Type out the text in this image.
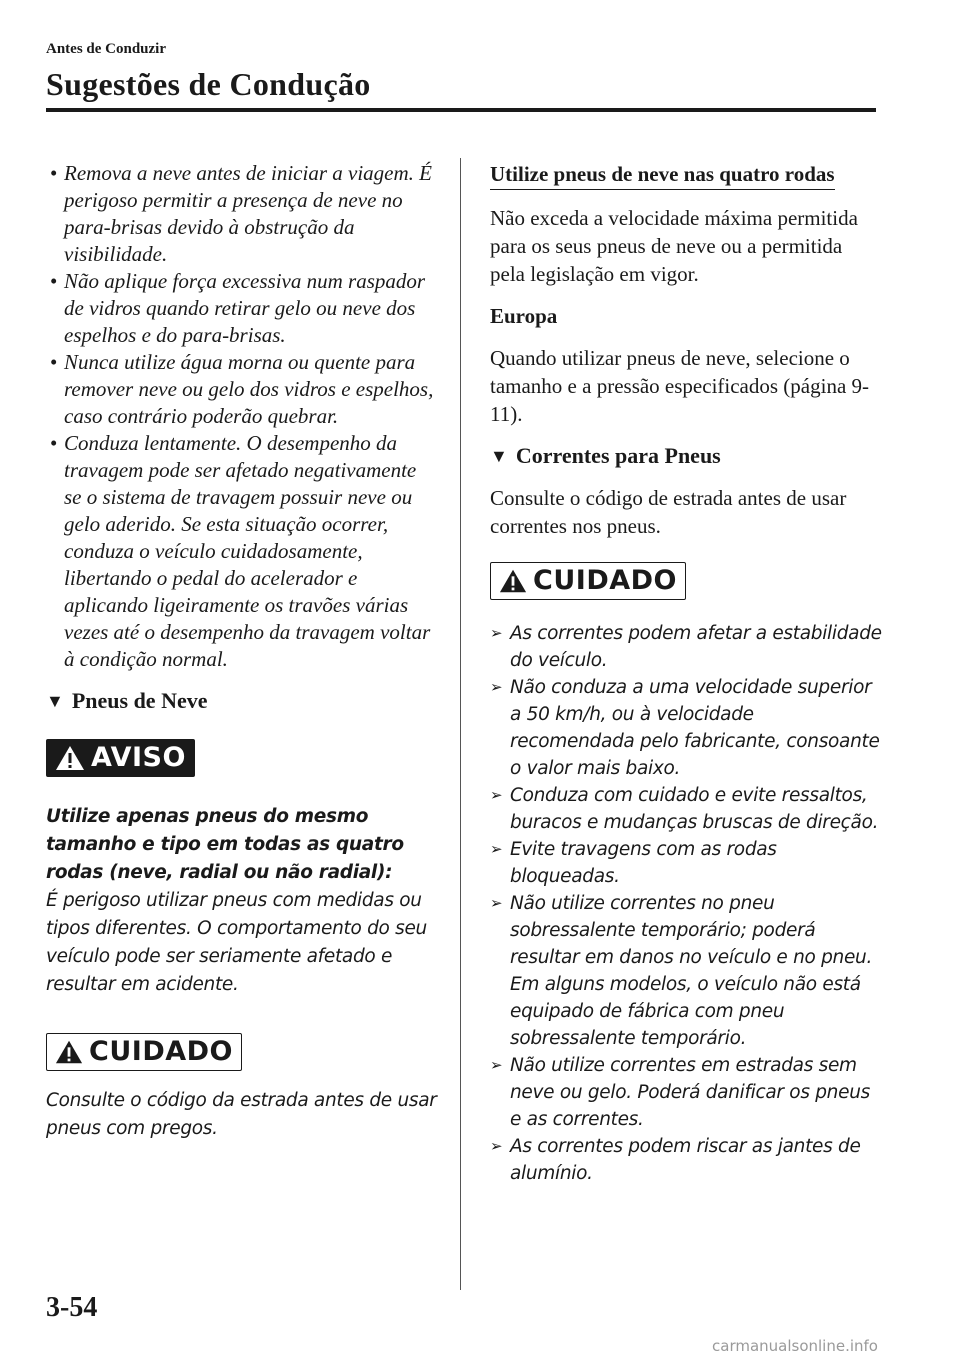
Antes de Conduzir
Sugestões de Condução
• Remova a neve antes de iniciar a viagem. É perigoso permitir a presença de neve no para-brisas devido à obstrução da visibilidade.
• Não aplique força excessiva num raspador de vidros quando retirar gelo ou neve dos espelhos e do para-brisas.
• Nunca utilize água morna ou quente para remover neve ou gelo dos vidros e espelhos, caso contrário poderão quebrar.
• Conduza lentamente. O desempenho da travagem pode ser afetado negativamente se o sistema de travagem possuir neve ou gelo aderido. Se esta situação ocorrer, conduza o veículo cuidadosamente, libertando o pedal do acelerador e aplicando ligeiramente os travões várias vezes até o desempenho da travagem voltar à condição normal.
▼ Pneus de Neve
AVISO
Utilize apenas pneus do mesmo tamanho e tipo em todas as quatro rodas (neve, radial ou não radial):
É perigoso utilizar pneus com medidas ou tipos diferentes. O comportamento do seu veículo pode ser seriamente afetado e resultar em acidente.
CUIDADO
Consulte o código da estrada antes de usar pneus com pregos.
Utilize pneus de neve nas quatro rodas
Não exceda a velocidade máxima permitida para os seus pneus de neve ou a permitida pela legislação em vigor.
Europa
Quando utilizar pneus de neve, selecione o tamanho e a pressão especificados (página 9-11).
▼ Correntes para Pneus
Consulte o código de estrada antes de usar correntes nos pneus.
CUIDADO
➢ As correntes podem afetar a estabilidade do veículo.
➢ Não conduza a uma velocidade superior a 50 km/h, ou à velocidade recomendada pelo fabricante, consoante o valor mais baixo.
➢ Conduza com cuidado e evite ressaltos, buracos e mudanças bruscas de direção.
➢ Evite travagens com as rodas bloqueadas.
➢ Não utilize correntes no pneu sobressalente temporário; poderá resultar em danos no veículo e no pneu. Em alguns modelos, o veículo não está equipado de fábrica com pneu sobressalente temporário.
➢ Não utilize correntes em estradas sem neve ou gelo. Poderá danificar os pneus e as correntes.
➢ As correntes podem riscar as jantes de alumínio.
3-54
carmanualsonline.info
